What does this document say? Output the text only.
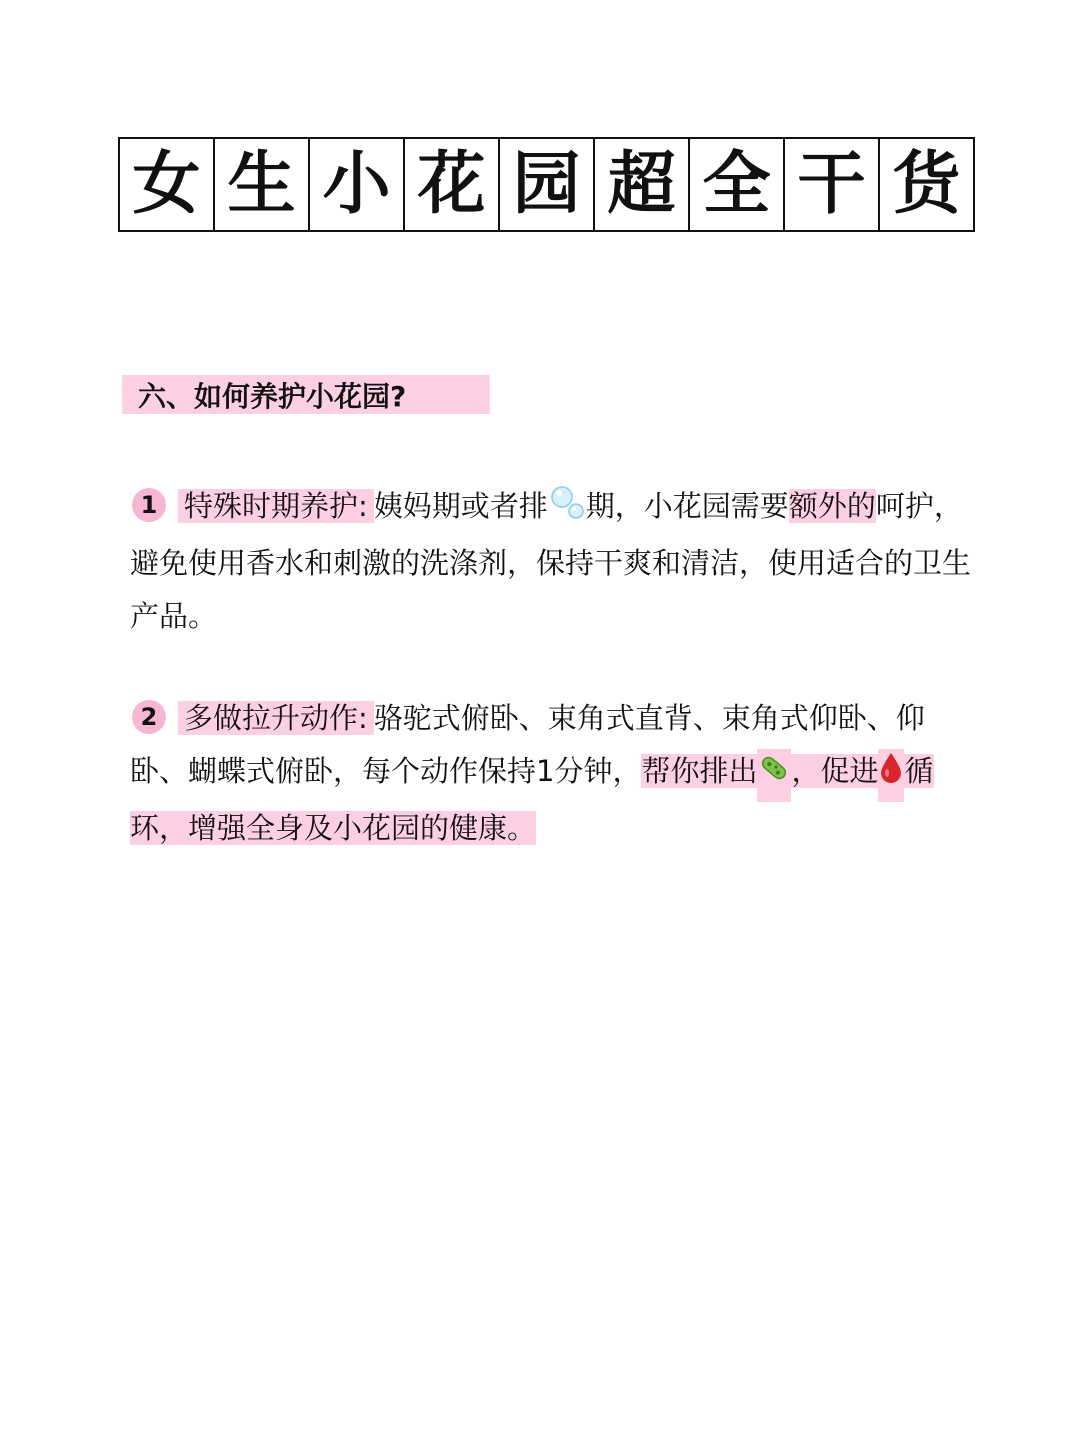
女 生 小 花 园 超 全 干 货
六、如何养护小花园?
1 特殊时期养护: 姨妈期或者排 期，小花园需要额外的呵护，避免使用香水和刺激的洗涤剂，保持干爽和清洁，使用适合的卫生产品。
2 多做拉升动作: 骆驼式俯卧、束角式直背、束角式仰卧、仰卧、蝴蝶式俯卧，每个动作保持1分钟，帮你排出 ，促进 循环，增强全身及小花园的健康。
